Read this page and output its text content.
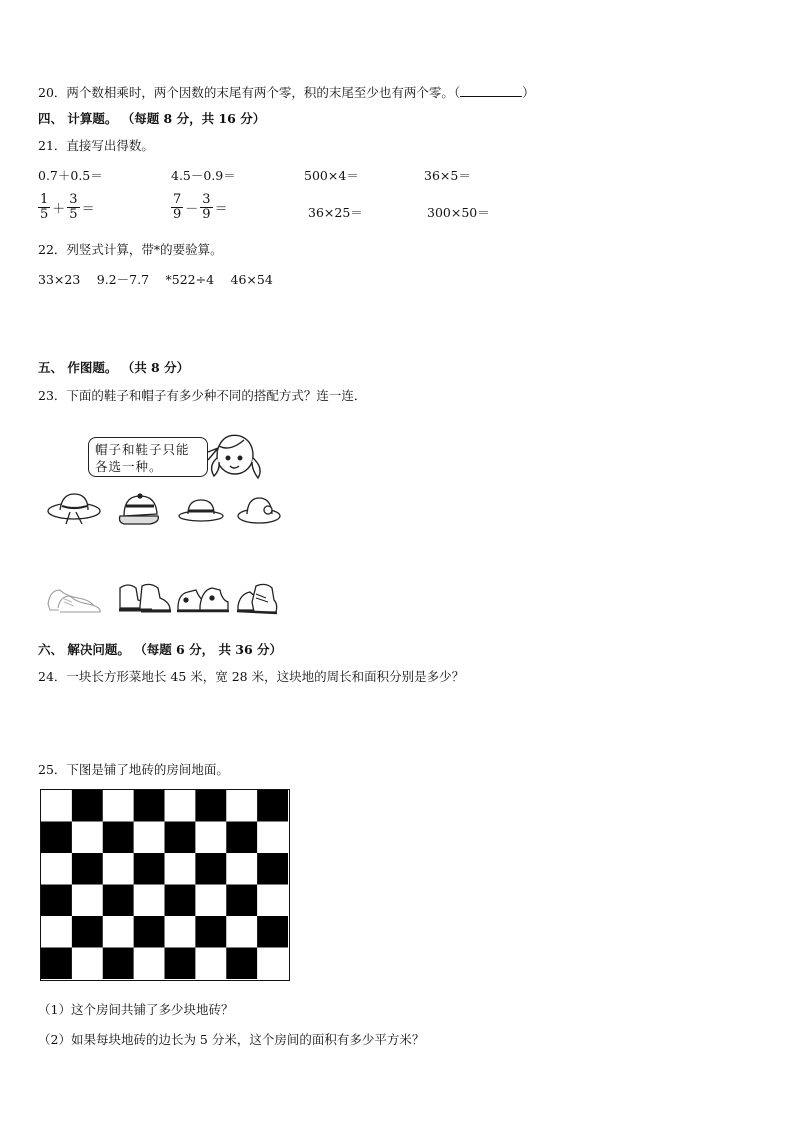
20．两个数相乘时，两个因数的末尾有两个零，积的末尾至少也有两个零。（	）
四、 计算题。 （每题 8 分，共 16 分）
21．直接写出得数。
0.7＋0.5＝	4.5－0.9＝	500×4＝	36×5＝
$\frac{1}{5} + \frac{3}{5}$ ＝	$\frac{7}{9} - \frac{3}{9}$ ＝	36×25＝	300×50＝
22．列竖式计算，带*的要验算。
33×23　 9.2－7.7　 *522÷4　 46×54
五、 作图题。 （共 8 分）
23．下面的鞋子和帽子有多少种不同的搭配方式？连一连．
帽子和鞋子只能
各选一种。
六、 解决问题。 （每题 6 分， 共 36 分）
24．一块长方形菜地长 45 米，宽 28 米，这块地的周长和面积分别是多少？
25．下图是铺了地砖的房间地面。
（1）这个房间共铺了多少块地砖？
（2）如果每块地砖的边长为 5 分米，这个房间的面积有多少平方米？
